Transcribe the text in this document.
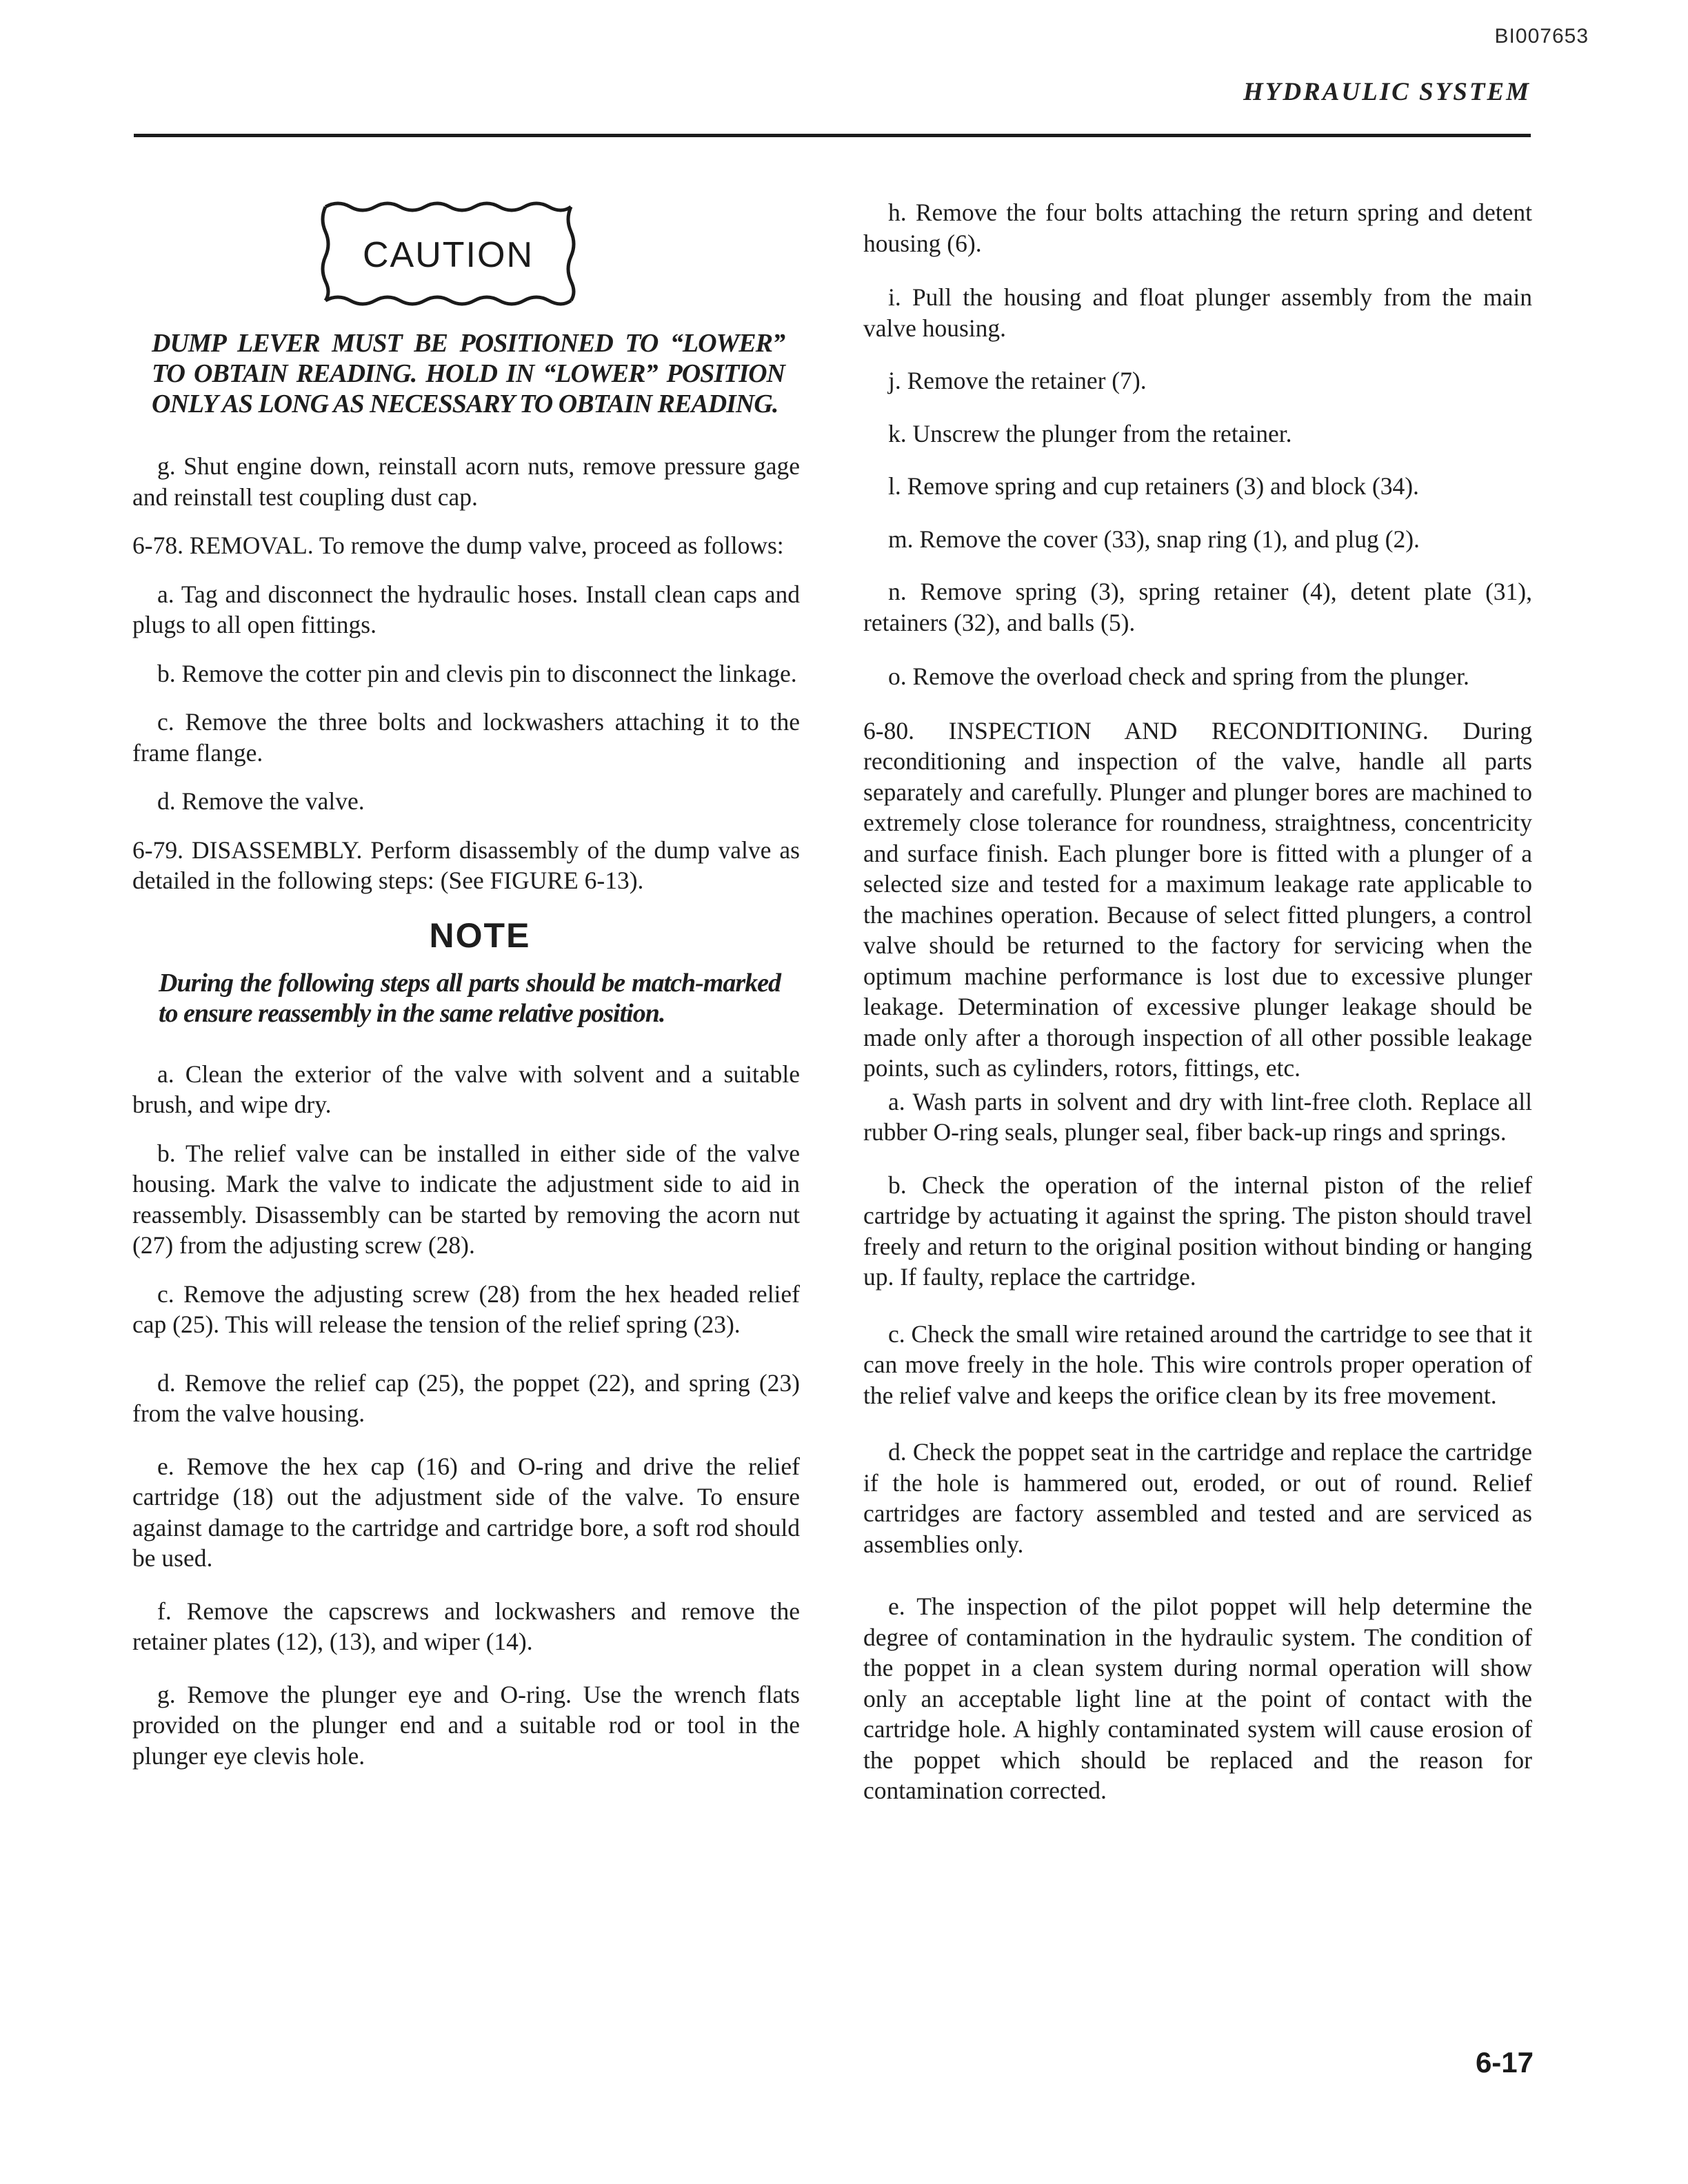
BI007653
HYDRAULIC SYSTEM
CAUTION

DUMP LEVER MUST BE POSITIONED TO “LOWER” TO OBTAIN READING. HOLD IN “LOWER” POSITION ONLY AS LONG AS NECESSARY TO OBTAIN READING.

g. Shut engine down, reinstall acorn nuts, remove pressure gage and reinstall test coupling dust cap.

6-78. REMOVAL. To remove the dump valve, proceed as follows:

a. Tag and disconnect the hydraulic hoses. Install clean caps and plugs to all open fittings.

b. Remove the cotter pin and clevis pin to disconnect the linkage.

c. Remove the three bolts and lockwashers attaching it to the frame flange.

d. Remove the valve.

6-79. DISASSEMBLY. Perform disassembly of the dump valve as detailed in the following steps: (See FIGURE 6-13).

NOTE

During the following steps all parts should be match-marked to ensure reassembly in the same relative position.

a. Clean the exterior of the valve with solvent and a suitable brush, and wipe dry.

b. The relief valve can be installed in either side of the valve housing. Mark the valve to indicate the adjustment side to aid in reassembly. Disassembly can be started by removing the acorn nut (27) from the adjusting screw (28).

c. Remove the adjusting screw (28) from the hex headed relief cap (25). This will release the tension of the relief spring (23).

d. Remove the relief cap (25), the poppet (22), and spring (23) from the valve housing.

e. Remove the hex cap (16) and O-ring and drive the relief cartridge (18) out the adjustment side of the valve. To ensure against damage to the cartridge and cartridge bore, a soft rod should be used.

f. Remove the capscrews and lockwashers and remove the retainer plates (12), (13), and wiper (14).

g. Remove the plunger eye and O-ring. Use the wrench flats provided on the plunger end and a suitable rod or tool in the plunger eye clevis hole.

h. Remove the four bolts attaching the return spring and detent housing (6).

i. Pull the housing and float plunger assembly from the main valve housing.

j. Remove the retainer (7).

k. Unscrew the plunger from the retainer.

l. Remove spring and cup retainers (3) and block (34).

m. Remove the cover (33), snap ring (1), and plug (2).

n. Remove spring (3), spring retainer (4), detent plate (31), retainers (32), and balls (5).

o. Remove the overload check and spring from the plunger.

6-80. INSPECTION AND RECONDITIONING. During reconditioning and inspection of the valve, handle all parts separately and carefully. Plunger and plunger bores are machined to extremely close tolerance for roundness, straightness, concentricity and surface finish. Each plunger bore is fitted with a plunger of a selected size and tested for a maximum leakage rate applicable to the machines operation. Because of select fitted plungers, a control valve should be returned to the factory for servicing when the optimum machine performance is lost due to excessive plunger leakage. Determination of excessive plunger leakage should be made only after a thorough inspection of all other possible leakage points, such as cylinders, rotors, fittings, etc.

a. Wash parts in solvent and dry with lint-free cloth. Replace all rubber O-ring seals, plunger seal, fiber back-up rings and springs.

b. Check the operation of the internal piston of the relief cartridge by actuating it against the spring. The piston should travel freely and return to the original position without binding or hanging up. If faulty, replace the cartridge.

c. Check the small wire retained around the cartridge to see that it can move freely in the hole. This wire controls proper operation of the relief valve and keeps the orifice clean by its free movement.

d. Check the poppet seat in the cartridge and replace the cartridge if the hole is hammered out, eroded, or out of round. Relief cartridges are factory assembled and tested and are serviced as assemblies only.

e. The inspection of the pilot poppet will help determine the degree of contamination in the hydraulic system. The condition of the poppet in a clean system during normal operation will show only an acceptable light line at the point of contact with the cartridge hole. A highly contaminated system will cause erosion of the poppet which should be replaced and the reason for contamination corrected.

6-17
